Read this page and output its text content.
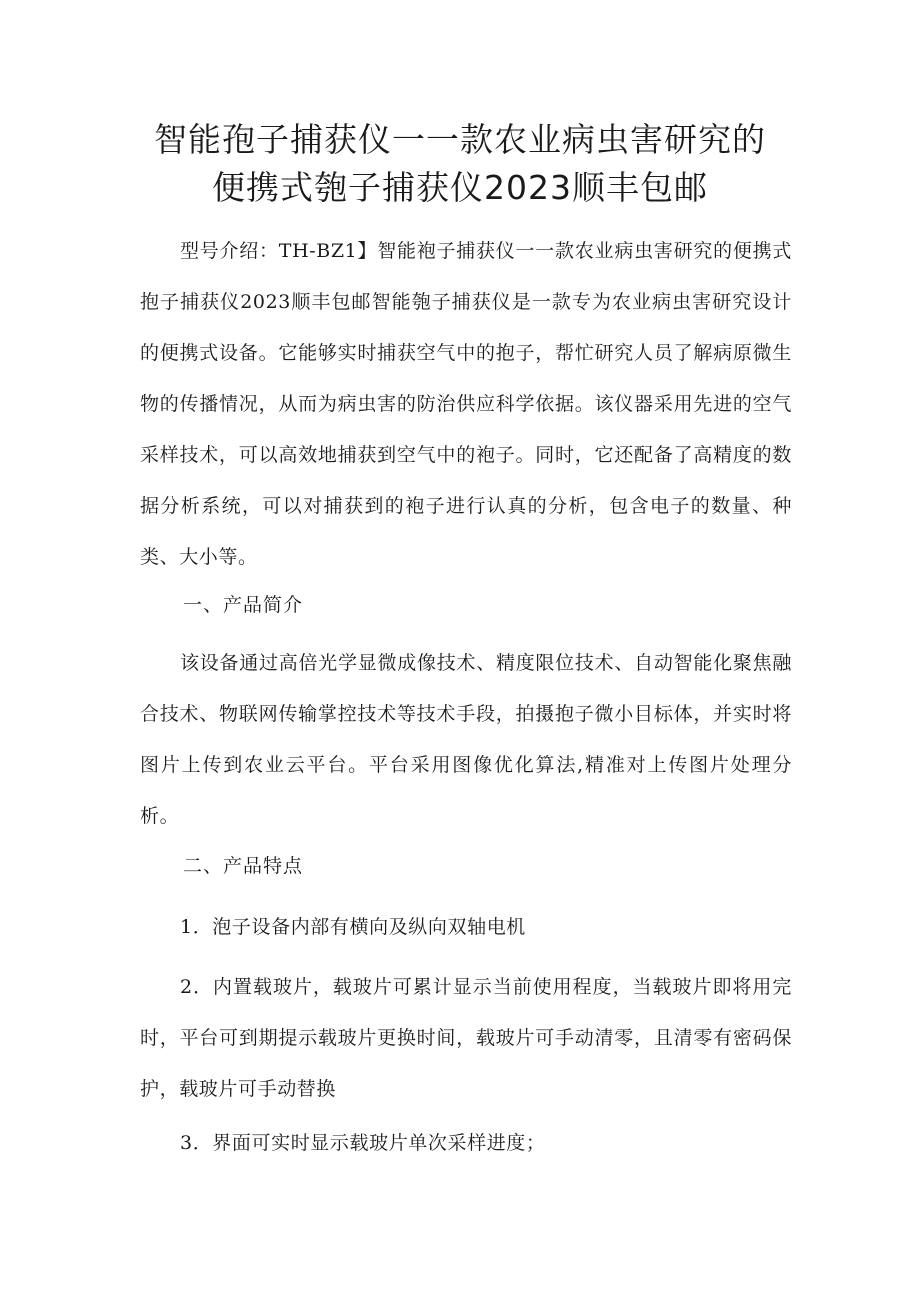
智能孢子捕获仪一一款农业病虫害研究的
便携式匏子捕获仪2023顺丰包邮

型号介绍：TH-BZ1】智能袍子捕获仪一一款农业病虫害研究的便携式抱子捕获仪2023顺丰包邮智能匏子捕获仪是一款专为农业病虫害研究设计的便携式设备。它能够实时捕获空气中的抱子，帮忙研究人员了解病原微生物的传播情况，从而为病虫害的防治供应科学依据。该仪器采用先进的空气采样技术，可以高效地捕获到空气中的袍子。同时，它还配备了高精度的数据分析系统，可以对捕获到的袍子进行认真的分析，包含电子的数量、种类、大小等。

一、产品简介

该设备通过高倍光学显微成像技术、精度限位技术、自动智能化聚焦融合技术、物联网传输掌控技术等技术手段，拍摄抱子微小目标体，并实时将图片上传到农业云平台。平台采用图像优化算法,精准对上传图片处理分析。

二、产品特点

1．泡子设备内部有横向及纵向双轴电机

2．内置载玻片，载玻片可累计显示当前使用程度，当载玻片即将用完时，平台可到期提示载玻片更换时间，载玻片可手动清零，且清零有密码保护，载玻片可手动替换

3．界面可实时显示载玻片单次采样进度；
